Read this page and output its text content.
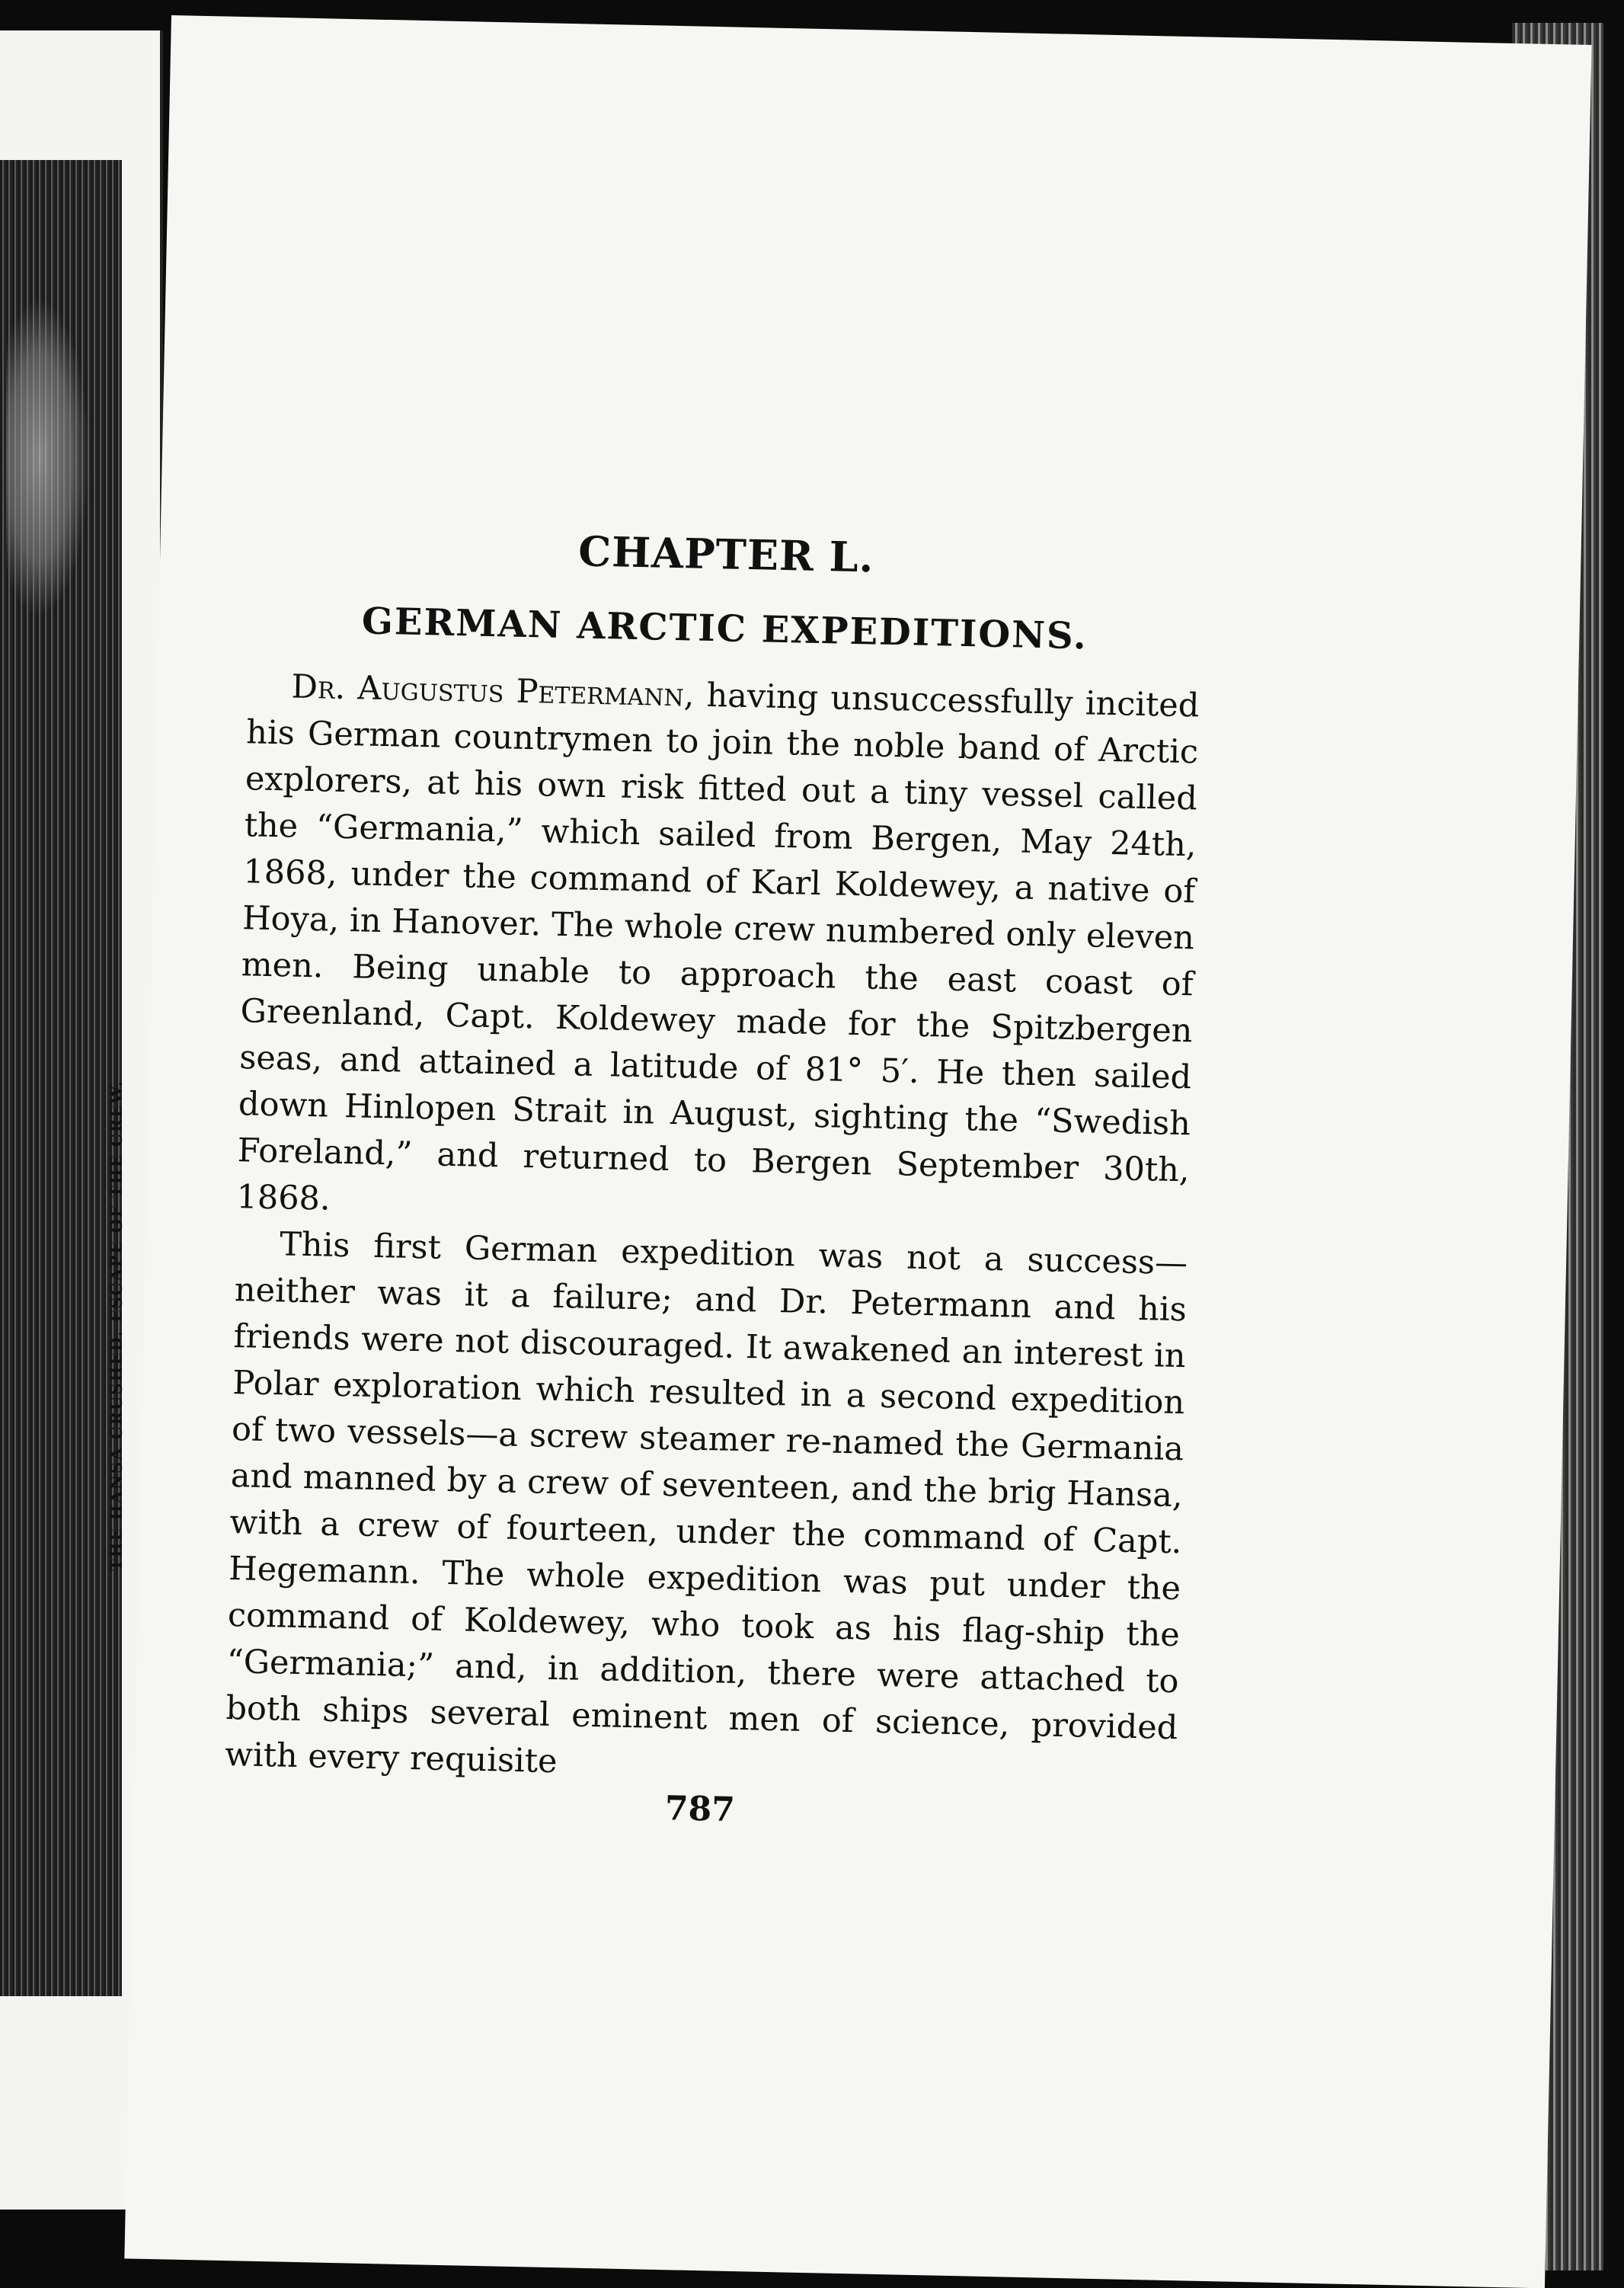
THE HANSA CRUSHED. ESCAPE OF THE CREW.
CHAPTER L.
GERMAN ARCTIC EXPEDITIONS.

Dr. Augustus Petermann, having unsuccessfully incited his German countrymen to join the noble band of Arctic explorers, at his own risk fitted out a tiny vessel called the “Germania,” which sailed from Bergen, May 24th, 1868, under the command of Karl Koldewey, a native of Hoya, in Hanover. The whole crew numbered only eleven men. Being unable to approach the east coast of Greenland, Capt. Koldewey made for the Spitzbergen seas, and attained a latitude of 81° 5′. He then sailed down Hinlopen Strait in August, sighting the “Swedish Foreland,” and returned to Bergen September 30th, 1868.

This first German expedition was not a success—neither was it a failure; and Dr. Petermann and his friends were not discouraged. It awakened an interest in Polar exploration which resulted in a second expedition of two vessels—a screw steamer re-named the Germania and manned by a crew of seventeen, and the brig Hansa, with a crew of fourteen, under the command of Capt. Hegemann. The whole expedition was put under the command of Koldewey, who took as his flag-ship the “Germania;” and, in addition, there were attached to both ships several eminent men of science, provided with every requisite

787
